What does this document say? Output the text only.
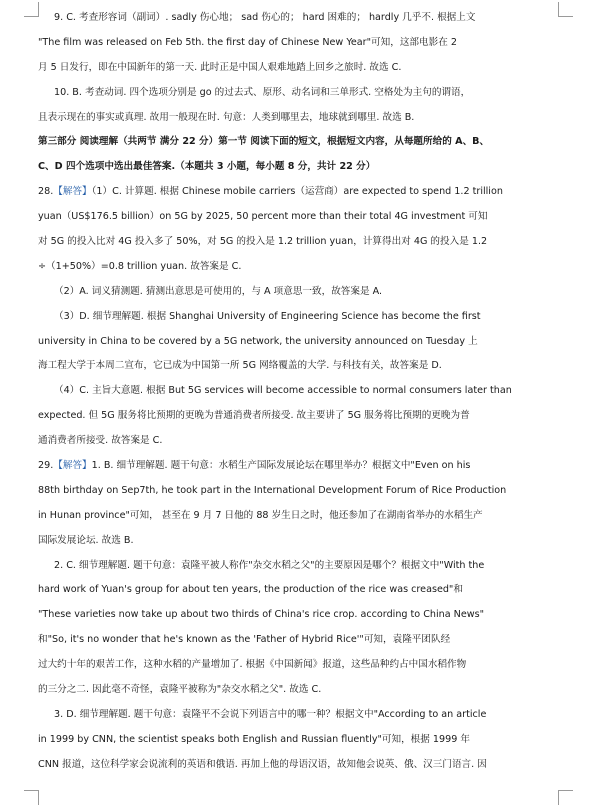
9. C. 考查形容词（副词）. sadly 伤心地； sad 伤心的； hard 困难的； hardly 几乎不. 根据上文
"The film was released on Feb 5th. the first day of Chinese New Year"可知，这部电影在 2
月 5 日发行，即在中国新年的第一天. 此时正是中国人艰难地踏上回乡之旅时. 故选 C.
10. B. 考查动词. 四个选项分别是 go 的过去式、原形、动名词和三单形式. 空格处为主句的谓语，
且表示现在的事实或真理. 故用一般现在时. 句意：人类到哪里去，地球就到哪里. 故选 B.
第三部分 阅读理解（共两节 满分 22 分）第一节 阅读下面的短文，根据短文内容，从每题所给的 A、B、
C、D 四个选项中选出最佳答案.（本题共 3 小题，每小题 8 分，共计 22 分）
28.【解答】（1）C. 计算题. 根据 Chinese mobile carriers（运营商）are expected to spend 1.2 trillion
yuan（US$176.5 billion）on 5G by 2025, 50 percent more than their total 4G investment 可知
对 5G 的投入比对 4G 投入多了 50%，对 5G 的投入是 1.2 trillion yuan，计算得出对 4G 的投入是 1.2
÷（1+50%）=0.8 trillion yuan. 故答案是 C.
（2）A. 词义猜测题. 猜测出意思是可使用的，与 A 项意思一致，故答案是 A.
（3）D. 细节理解题. 根据 Shanghai University of Engineering Science has become the first
university in China to be covered by a 5G network, the university announced on Tuesday 上
海工程大学于本周二宣布，它已成为中国第一所 5G 网络覆盖的大学. 与科技有关，故答案是 D.
（4）C. 主旨大意题. 根据 But 5G services will become accessible to normal consumers later than
expected. 但 5G 服务将比预期的更晚为普通消费者所接受. 故主要讲了 5G 服务将比预期的更晚为普
通消费者所接受. 故答案是 C.
29.【解答】1. B. 细节理解题. 题干句意：水稻生产国际发展论坛在哪里举办？根据文中"Even on his
88th birthday on Sep7th, he took part in the International Development Forum of Rice Production
in Hunan province"可知， 甚至在 9 月 7 日他的 88 岁生日之时，他还参加了在湖南省举办的水稻生产
国际发展论坛. 故选 B.
2. C. 细节理解题. 题干句意：袁隆平被人称作"杂交水稻之父"的主要原因是哪个？根据文中"With the
hard work of Yuan's group for about ten years, the production of the rice was creased"和
"These varieties now take up about two thirds of China's rice crop. according to China News"
和"So, it's no wonder that he's known as the 'Father of Hybrid Rice'"可知，袁隆平团队经
过大约十年的艰苦工作，这种水稻的产量增加了. 根据《中国新闻》报道，这些品种约占中国水稻作物
的三分之二. 因此毫不奇怪，袁隆平被称为"杂交水稻之父". 故选 C.
3. D. 细节理解题. 题干句意：袁隆平不会说下列语言中的哪一种？根据文中"According to an article
in 1999 by CNN, the scientist speaks both English and Russian fluently"可知，根据 1999 年
CNN 报道，这位科学家会说流利的英语和俄语. 再加上他的母语汉语，故知他会说英、俄、汉三门语言. 因
